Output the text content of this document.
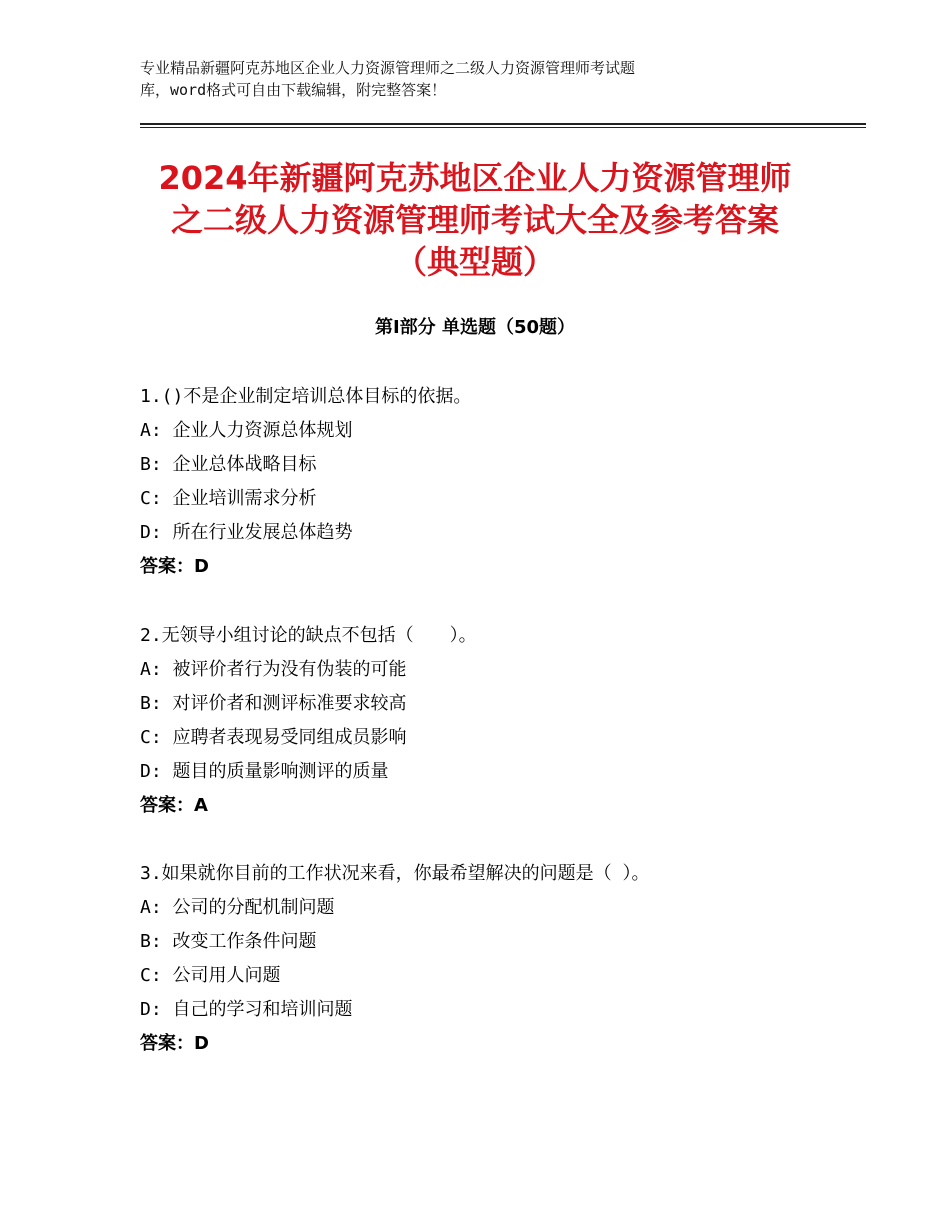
专业精品新疆阿克苏地区企业人力资源管理师之二级人力资源管理师考试题
库，word格式可自由下载编辑，附完整答案！
2024年新疆阿克苏地区企业人力资源管理师
之二级人力资源管理师考试大全及参考答案
（典型题）
第Ⅰ部分 单选题（50题）
1.()不是企业制定培训总体目标的依据。
A: 企业人力资源总体规划
B: 企业总体战略目标
C: 企业培训需求分析
D: 所在行业发展总体趋势
答案：D
2.无领导小组讨论的缺点不包括（　　）。
A: 被评价者行为没有伪装的可能
B: 对评价者和测评标准要求较高
C: 应聘者表现易受同组成员影响
D: 题目的质量影响测评的质量
答案：A
3.如果就你目前的工作状况来看，你最希望解决的问题是（ ）。
A: 公司的分配机制问题
B: 改变工作条件问题
C: 公司用人问题
D: 自己的学习和培训问题
答案：D
